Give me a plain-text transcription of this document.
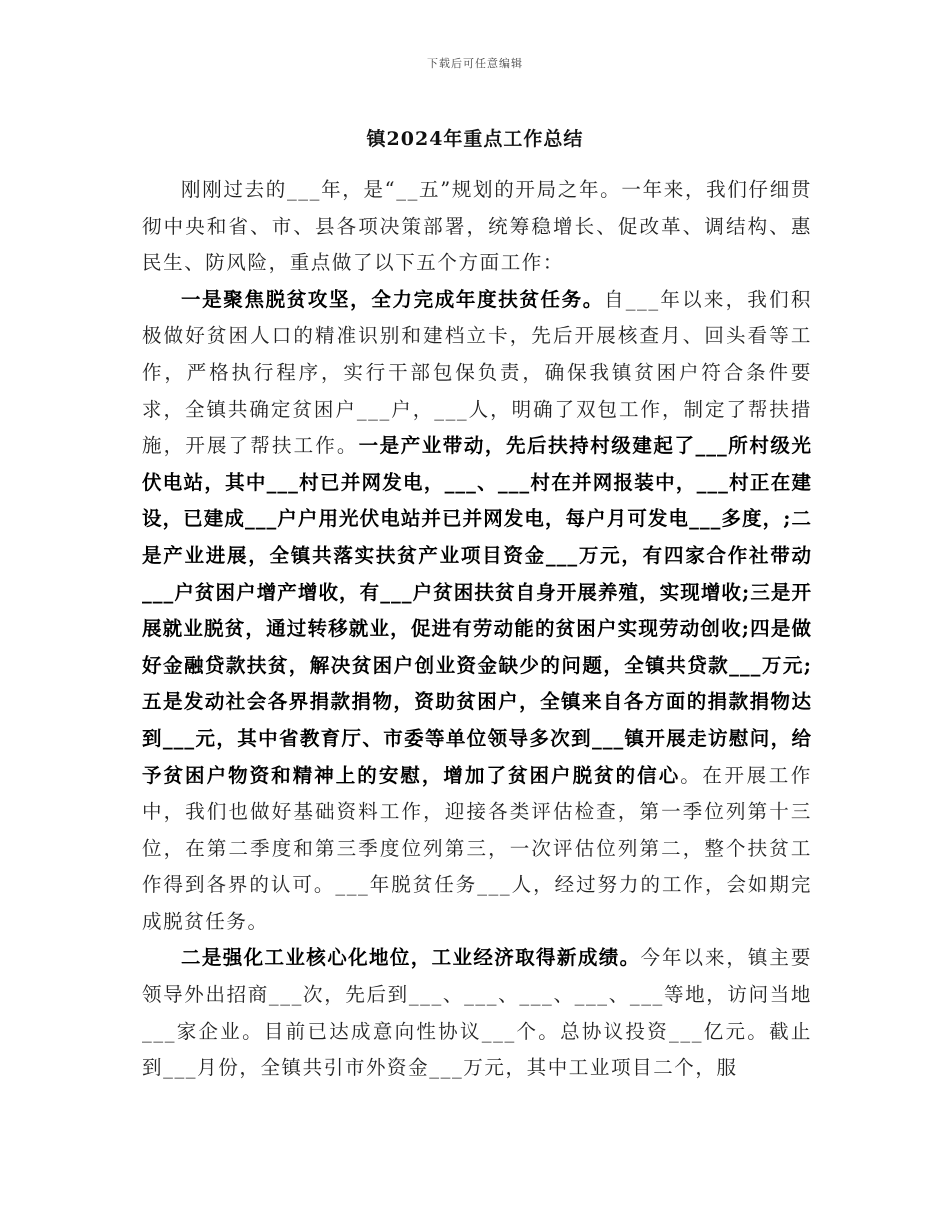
下载后可任意编辑
镇2024年重点工作总结

刚刚过去的___年，是“__五”规划的开局之年。一年来，我们仔细贯彻中央和省、市、县各项决策部署，统筹稳增长、促改革、调结构、惠民生、防风险，重点做了以下五个方面工作：

一是聚焦脱贫攻坚，全力完成年度扶贫任务。自___年以来，我们积极做好贫困人口的精准识别和建档立卡，先后开展核查月、回头看等工作，严格执行程序，实行干部包保负责，确保我镇贫困户符合条件要求，全镇共确定贫困户___户，___人，明确了双包工作，制定了帮扶措施，开展了帮扶工作。一是产业带动，先后扶持村级建起了___所村级光伏电站，其中___村已并网发电，___、___村在并网报装中，___村正在建设，已建成___户户用光伏电站并已并网发电，每户月可发电___多度，;二是产业进展，全镇共落实扶贫产业项目资金___万元，有四家合作社带动___户贫困户增产增收，有___户贫困扶贫自身开展养殖，实现增收;三是开展就业脱贫，通过转移就业，促进有劳动能的贫困户实现劳动创收;四是做好金融贷款扶贫，解决贫困户创业资金缺少的问题，全镇共贷款___万元;五是发动社会各界捐款捐物，资助贫困户，全镇来自各方面的捐款捐物达到___元，其中省教育厅、市委等单位领导多次到___镇开展走访慰问，给予贫困户物资和精神上的安慰，增加了贫困户脱贫的信心。在开展工作中，我们也做好基础资料工作，迎接各类评估检查，第一季位列第十三位，在第二季度和第三季度位列第三，一次评估位列第二，整个扶贫工作得到各界的认可。___年脱贫任务___人，经过努力的工作，会如期完成脱贫任务。

二是强化工业核心化地位，工业经济取得新成绩。今年以来，镇主要领导外出招商___次，先后到___、___、___、___、___等地，访问当地___家企业。目前已达成意向性协议___个。总协议投资___亿元。截止到___月份，全镇共引市外资金___万元，其中工业项目二个，服
